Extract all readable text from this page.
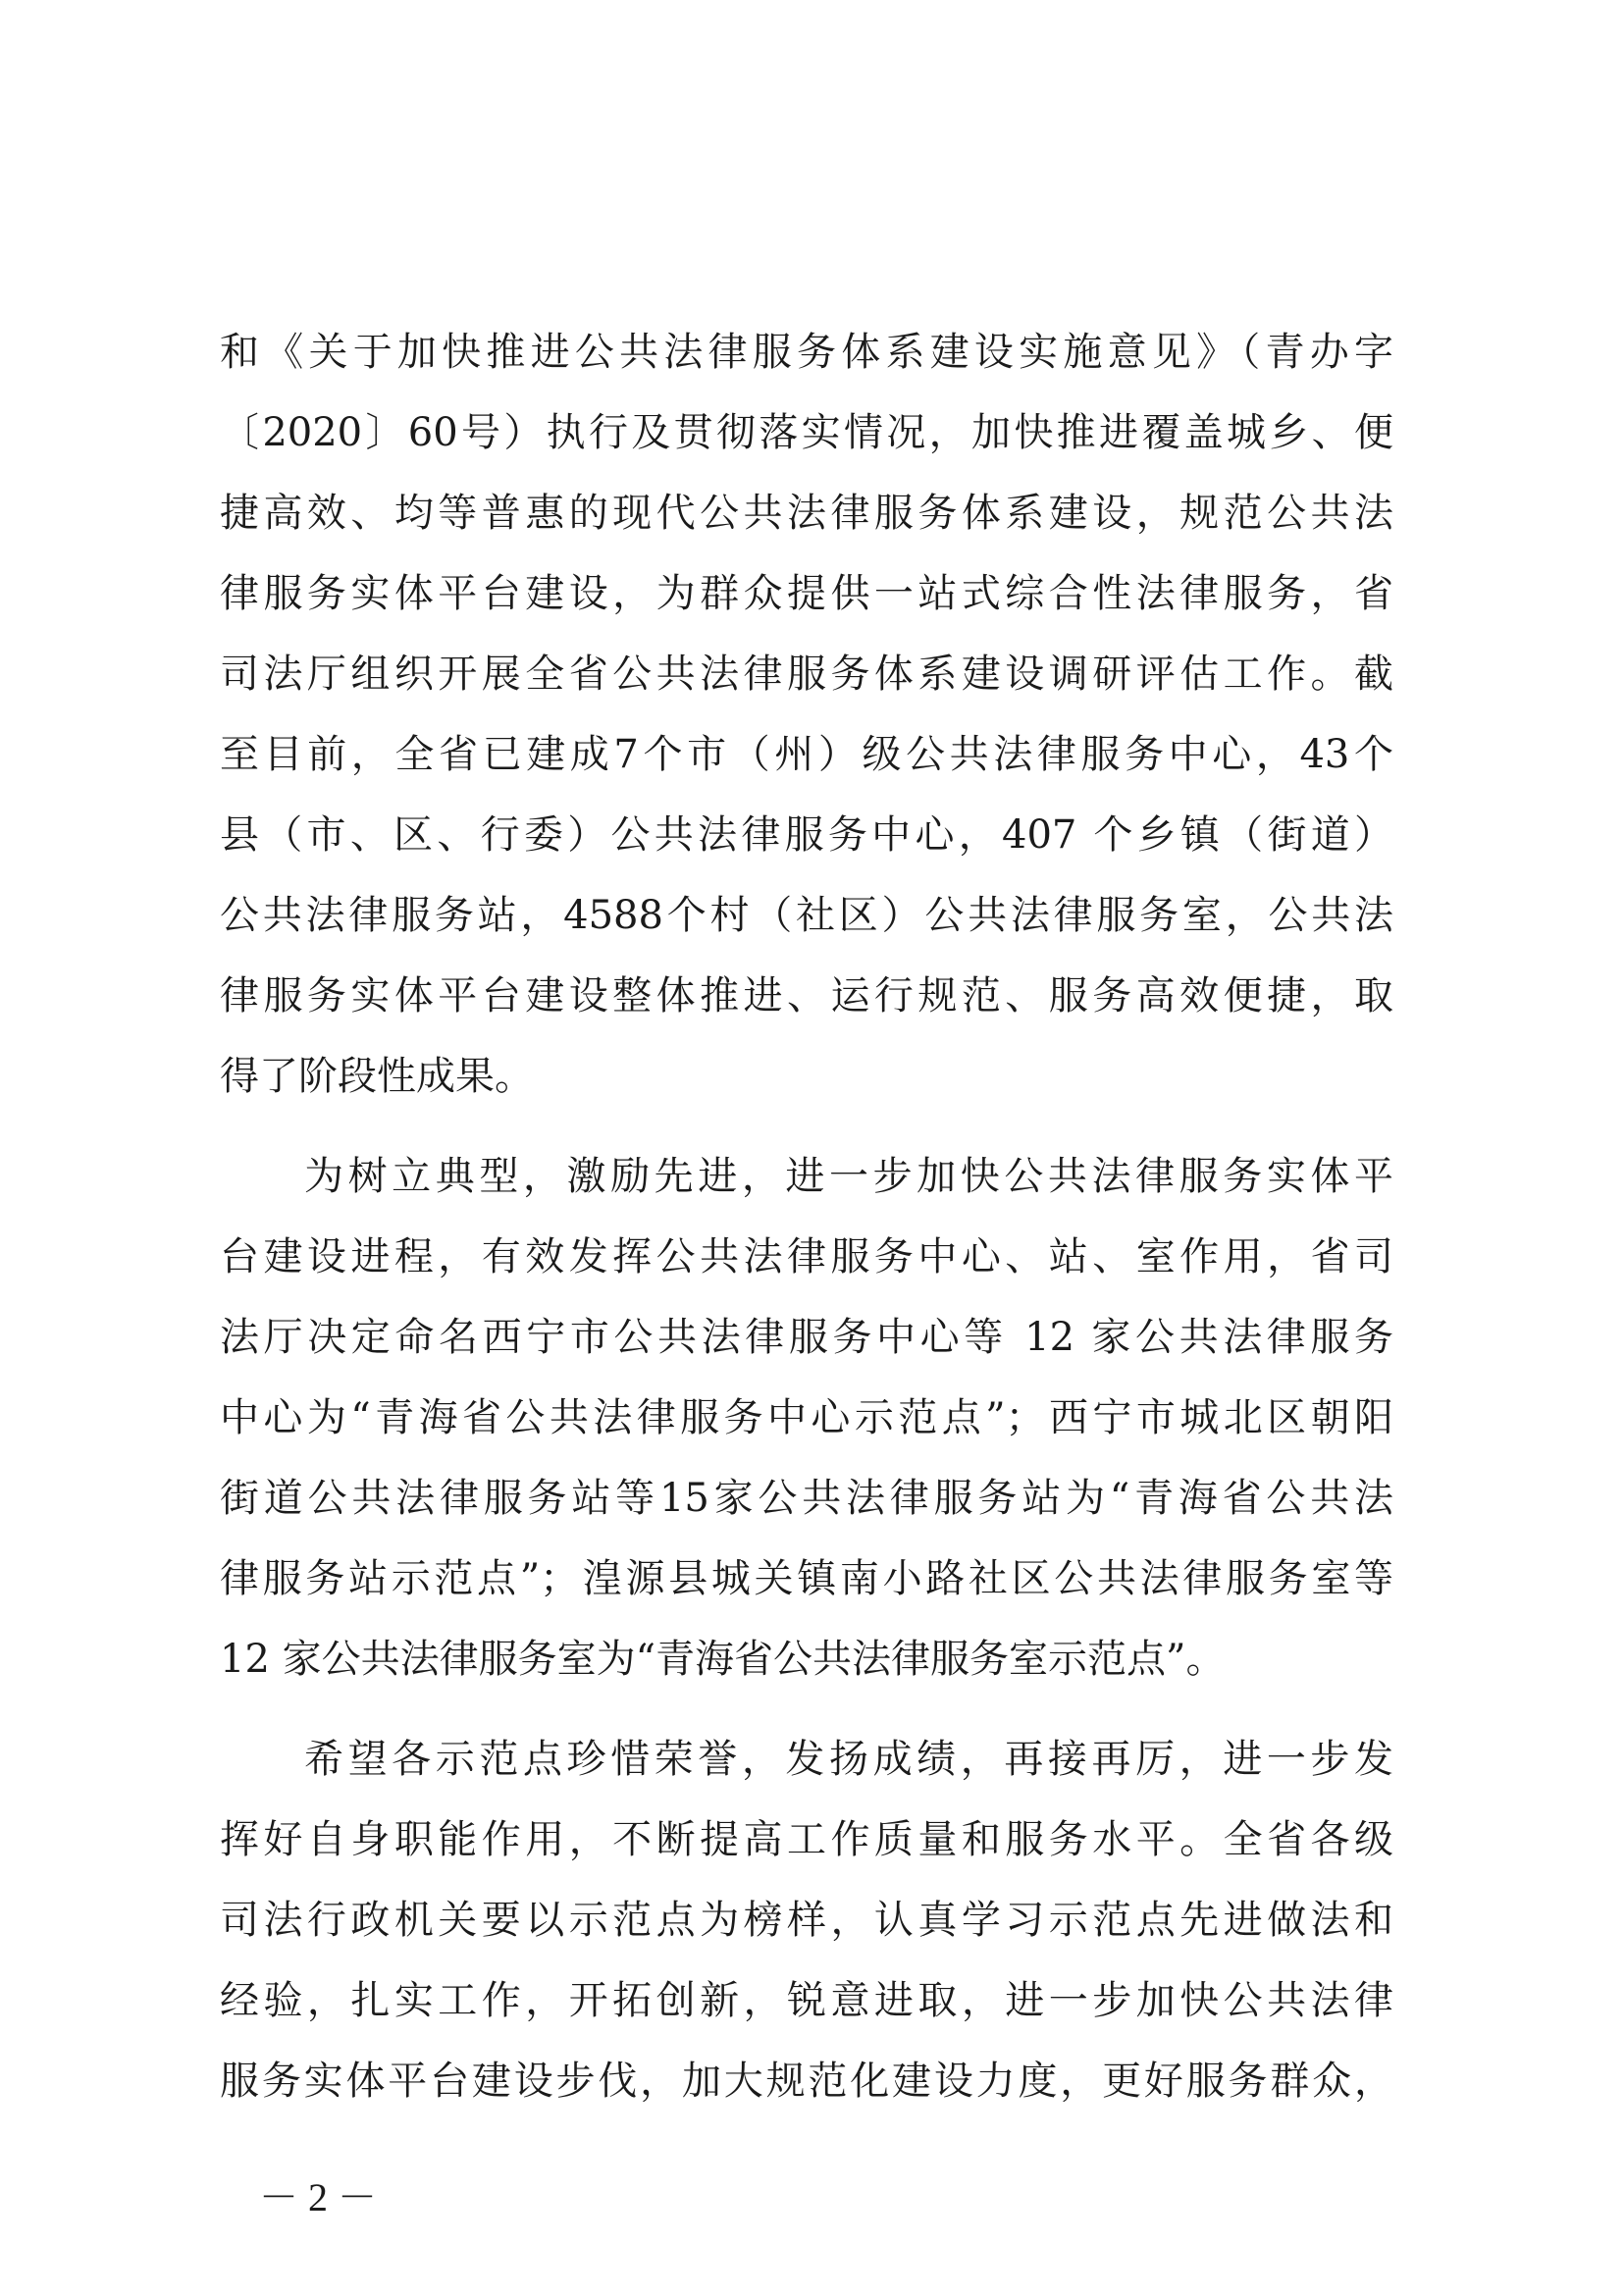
和《关于加快推进公共法律服务体系建设实施意见》（青办字
〔2020〕60号）执行及贯彻落实情况，加快推进覆盖城乡、便
捷高效、均等普惠的现代公共法律服务体系建设，规范公共法
律服务实体平台建设，为群众提供一站式综合性法律服务，省
司法厅组织开展全省公共法律服务体系建设调研评估工作。截
至目前，全省已建成7个市（州）级公共法律服务中心，43个
县（市、区、行委）公共法律服务中心，407 个乡镇（街道）
公共法律服务站，4588个村（社区）公共法律服务室，公共法
律服务实体平台建设整体推进、运行规范、服务高效便捷，取
得了阶段性成果。
为树立典型，激励先进，进一步加快公共法律服务实体平
台建设进程，有效发挥公共法律服务中心、站、室作用，省司
法厅决定命名西宁市公共法律服务中心等 12 家公共法律服务
中心为“青海省公共法律服务中心示范点”；西宁市城北区朝阳
街道公共法律服务站等15家公共法律服务站为“青海省公共法
律服务站示范点”；湟源县城关镇南小路社区公共法律服务室等
12 家公共法律服务室为“青海省公共法律服务室示范点”。
希望各示范点珍惜荣誉，发扬成绩，再接再厉，进一步发
挥好自身职能作用，不断提高工作质量和服务水平。全省各级
司法行政机关要以示范点为榜样，认真学习示范点先进做法和
经验，扎实工作，开拓创新，锐意进取，进一步加快公共法律
服务实体平台建设步伐，加大规范化建设力度，更好服务群众，
－ 2 －
